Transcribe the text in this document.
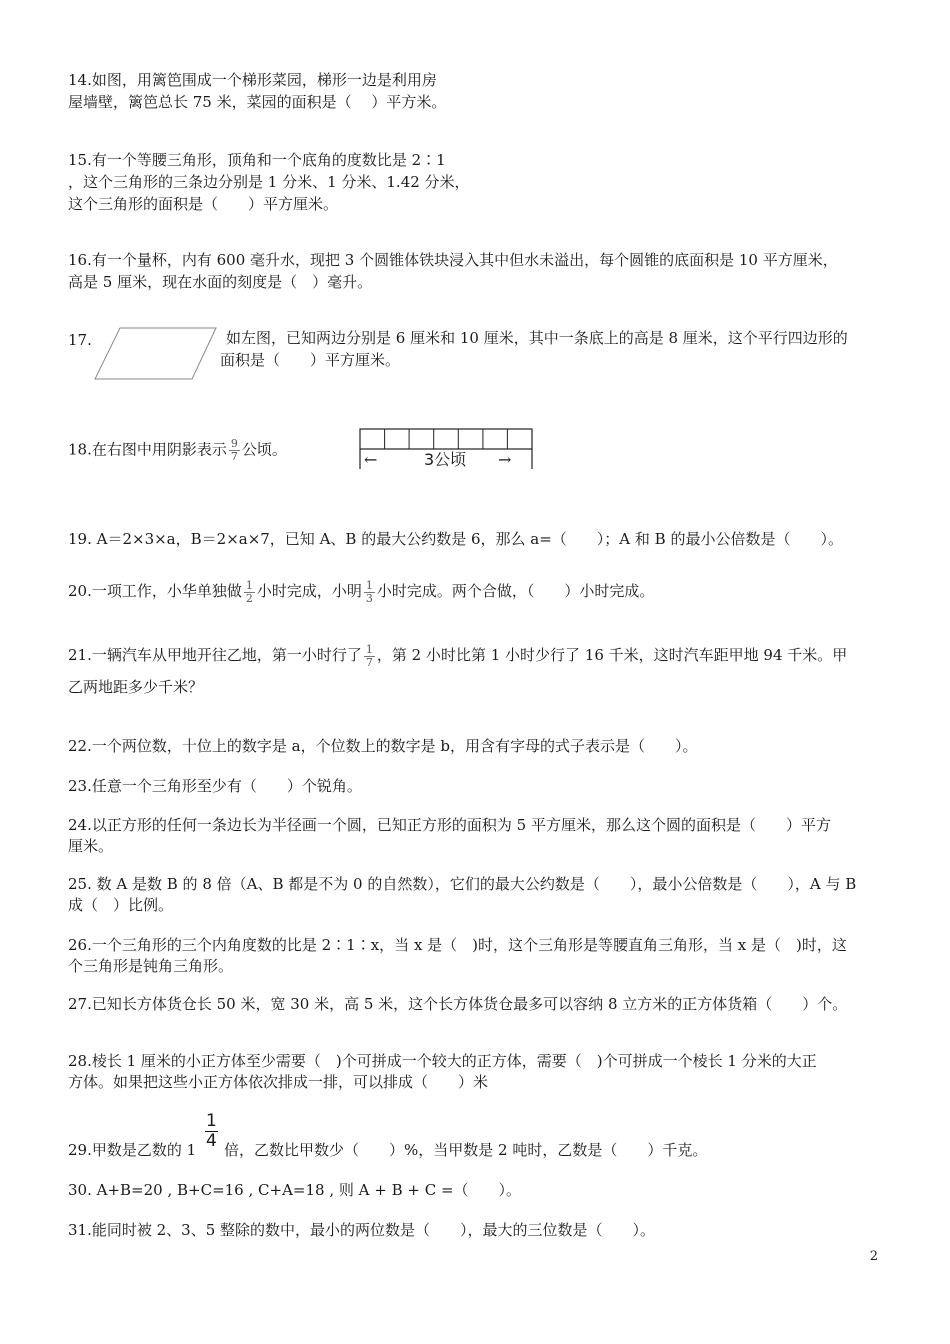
14.如图，用篱笆围成一个梯形菜园，梯形一边是利用房
屋墙壁，篱笆总长 75 米，菜园的面积是（　 ）平方米。
15.有一个等腰三角形，顶角和一个底角的度数比是 2∶1
，这个三角形的三条边分别是 1 分米、1 分米、1.42 分米，
这个三角形的面积是（　　）平方厘米。
16.有一个量杯，内有 600 毫升水，现把 3 个圆锥体铁块浸入其中但水未溢出，每个圆锥的底面积是 10 平方厘米，
高是 5 厘米，现在水面的刻度是（　）毫升。
17.	如左图，已知两边分别是 6 厘米和 10 厘米，其中一条底上的高是 8 厘米，这个平行四边形的
面积是（　　）平方厘米。
18.在右图中用阴影表示 $\frac{9}{7}$ 公顷。
←	3公顷 →
19. A＝2×3×a，B＝2×a×7，已知 A、B 的最大公约数是 6，那么 a=（　　）；A 和 B 的最小公倍数是（　　）。
20.一项工作，小华单独做 $\frac{1}{2}$ 小时完成，小明 $\frac{1}{3}$ 小时完成。两个合做，（　　）小时完成。
21.一辆汽车从甲地开往乙地，第一小时行了 $\frac{1}{7}$ ，第 2 小时比第 1 小时少行了 16 千米，这时汽车距甲地 94 千米。甲
乙两地距多少千米？
22.一个两位数，十位上的数字是 a，个位数上的数字是 b，用含有字母的式子表示是（　　）。
23.任意一个三角形至少有（　　）个锐角。
24.以正方形的任何一条边长为半径画一个圆，已知正方形的面积为 5 平方厘米，那么这个圆的面积是（　　）平方
厘米。
25. 数 A 是数 B 的 8 倍（A、B 都是不为 0 的自然数），它们的最大公约数是（　　），最小公倍数是（　　），A 与 B
成（　）比例。
26.一个三角形的三个内角度数的比是 2∶1∶x，当 x 是（　)时，这个三角形是等腰直角三角形，当 x 是（　)时，这
个三角形是钝角三角形。
27.已知长方体货仓长 50 米，宽 30 米，高 5 米，这个长方体货仓最多可以容纳 8 立方米的正方体货箱（　　）个。
28.棱长 1 厘米的小正方体至少需要（　)个可拼成一个较大的正方体，需要（　)个可拼成一个棱长 1 分米的大正
方体。如果把这些小正方体依次排成一排，可以排成（　　）米
$\frac{1}{4}$
29.甲数是乙数的 1 倍，乙数比甲数少（　　）%，当甲数是 2 吨时，乙数是（　　）千克。
30. A+B=20 , B+C=16 , C+A=18 , 则 A + B + C =（　　）。
31.能同时被 2、3、5 整除的数中，最小的两位数是（　　），最大的三位数是（　　）。
2
